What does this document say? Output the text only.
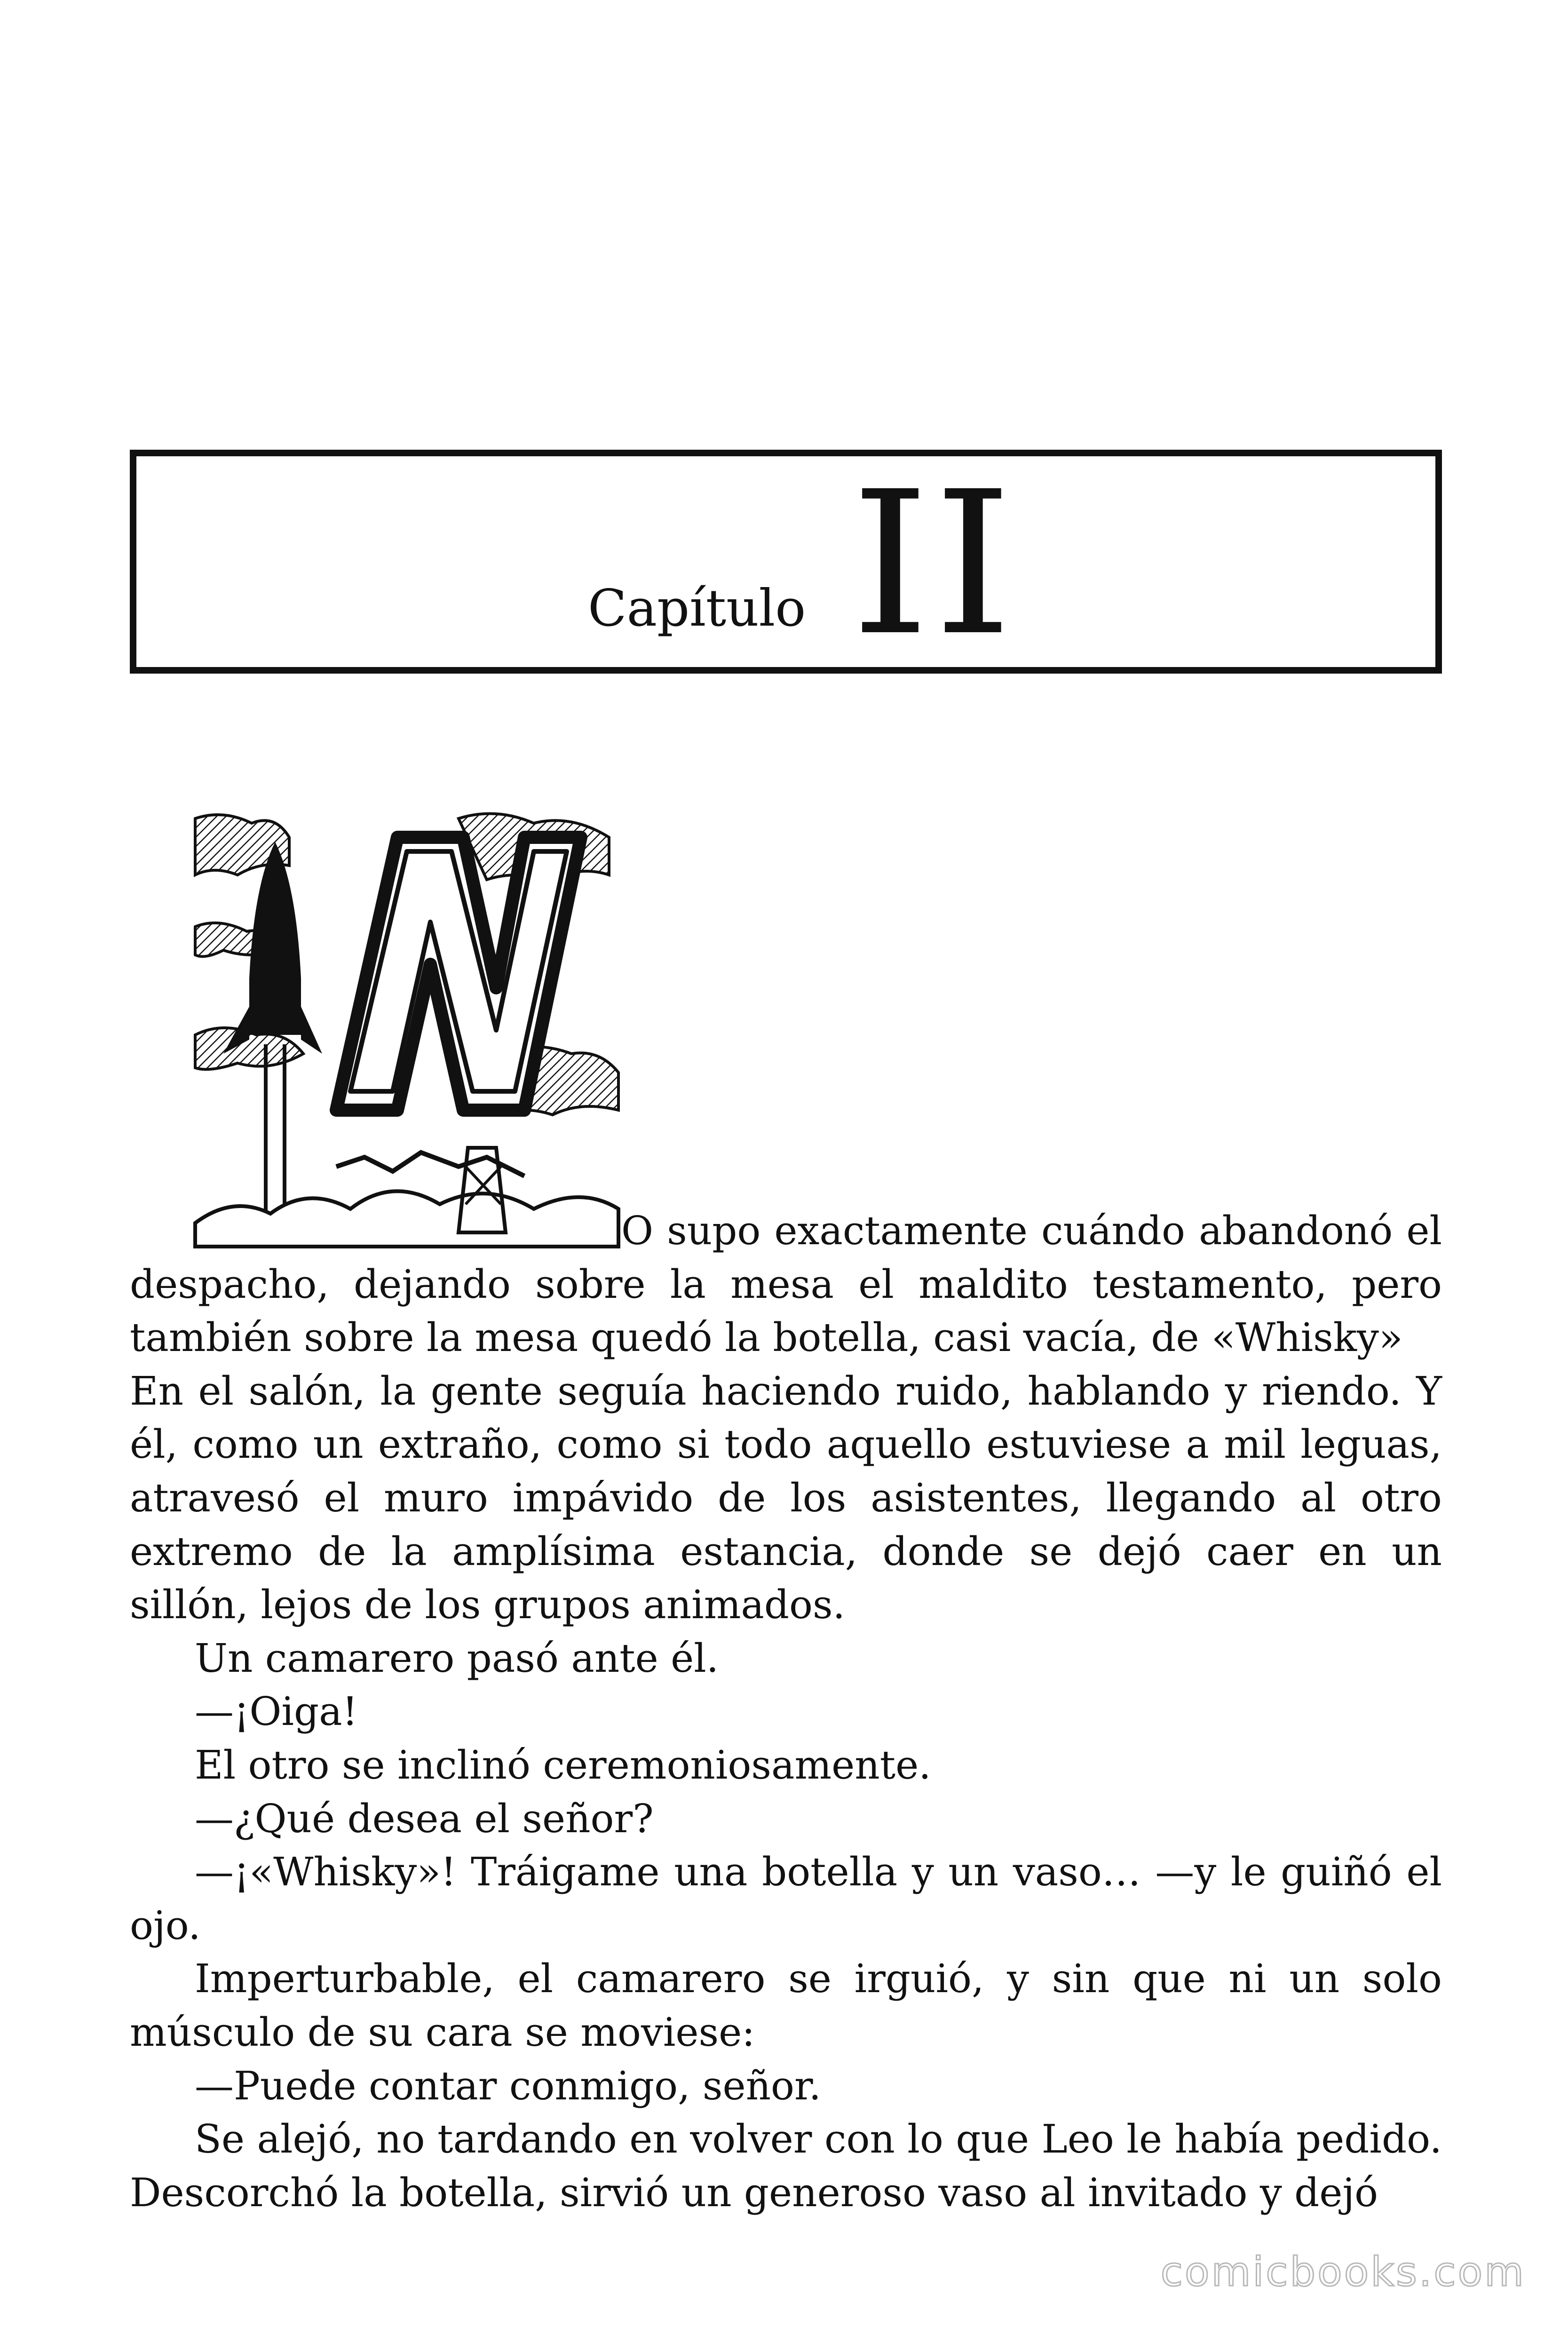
Capítulo II
N

O supo exactamente cuándo abandonó el

despacho, dejando sobre la mesa el maldito testamento, pero también sobre la mesa quedó la botella, casi vacía, de «Whisky»

En el salón, la gente seguía haciendo ruido, hablando y riendo. Y él, como un extraño, como si todo aquello estuviese a mil leguas, atravesó el muro impávido de los asistentes, llegando al otro extremo de la amplísima estancia, donde se dejó caer en un sillón, lejos de los grupos animados.

Un camarero pasó ante él.

—¡Oiga!

El otro se inclinó ceremoniosamente.

—¿Qué desea el señor?

—¡«Whisky»! Tráigame una botella y un vaso… —y le guiñó el ojo.

Imperturbable, el camarero se irguió, y sin que ni un solo músculo de su cara se moviese:

—Puede contar conmigo, señor.

Se alejó, no tardando en volver con lo que Leo le había pedido. Descorchó la botella, sirvió un generoso vaso al invitado y dejó

comicbooks.com
